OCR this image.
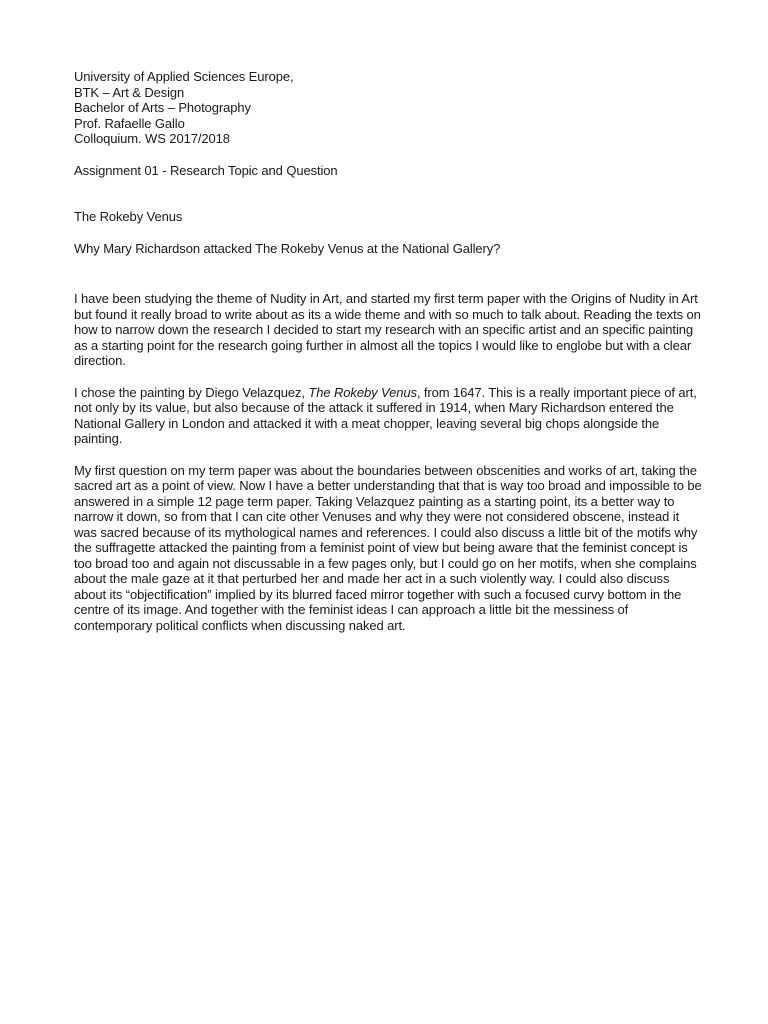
University of Applied Sciences Europe,
BTK – Art & Design
Bachelor of Arts – Photography
Prof. Rafaelle Gallo
Colloquium. WS 2017/2018
Assignment 01 - Research Topic and Question
The Rokeby Venus
Why Mary Richardson attacked The Rokeby Venus at the National Gallery?

I have been studying the theme of Nudity in Art, and started my first term paper with the Origins of Nudity in Art but found it really broad to write about as its a wide theme and with so much to talk about. Reading the texts on how to narrow down the research I decided to start my research with an specific artist and an specific painting as a starting point for the research going further in almost all the topics I would like to englobe but with a clear direction.

I chose the painting by Diego Velazquez, The Rokeby Venus, from 1647. This is a really important piece of art, not only by its value, but also because of the attack it suffered in 1914, when Mary Richardson entered the National Gallery in London and attacked it with a meat chopper, leaving several big chops alongside the painting.

My first question on my term paper was about the boundaries between obscenities and works of art, taking the sacred art as a point of view. Now I have a better understanding that that is way too broad and impossible to be answered in a simple 12 page term paper. Taking Velazquez painting as a starting point, its a better way to narrow it down, so from that I can cite other Venuses and why they were not considered obscene, instead it was sacred because of its mythological names and references. I could also discuss a little bit of the motifs why the suffragette attacked the painting from a feminist point of view but being aware that the feminist concept is too broad too and again not discussable in a few pages only, but I could go on her motifs, when she complains about the male gaze at it that perturbed her and made her act in a such violently way. I could also discuss about its “objectification” implied by its blurred faced mirror together with such a focused curvy bottom in the centre of its image. And together with the feminist ideas I can approach a little bit the messiness of contemporary political conflicts when discussing naked art.
